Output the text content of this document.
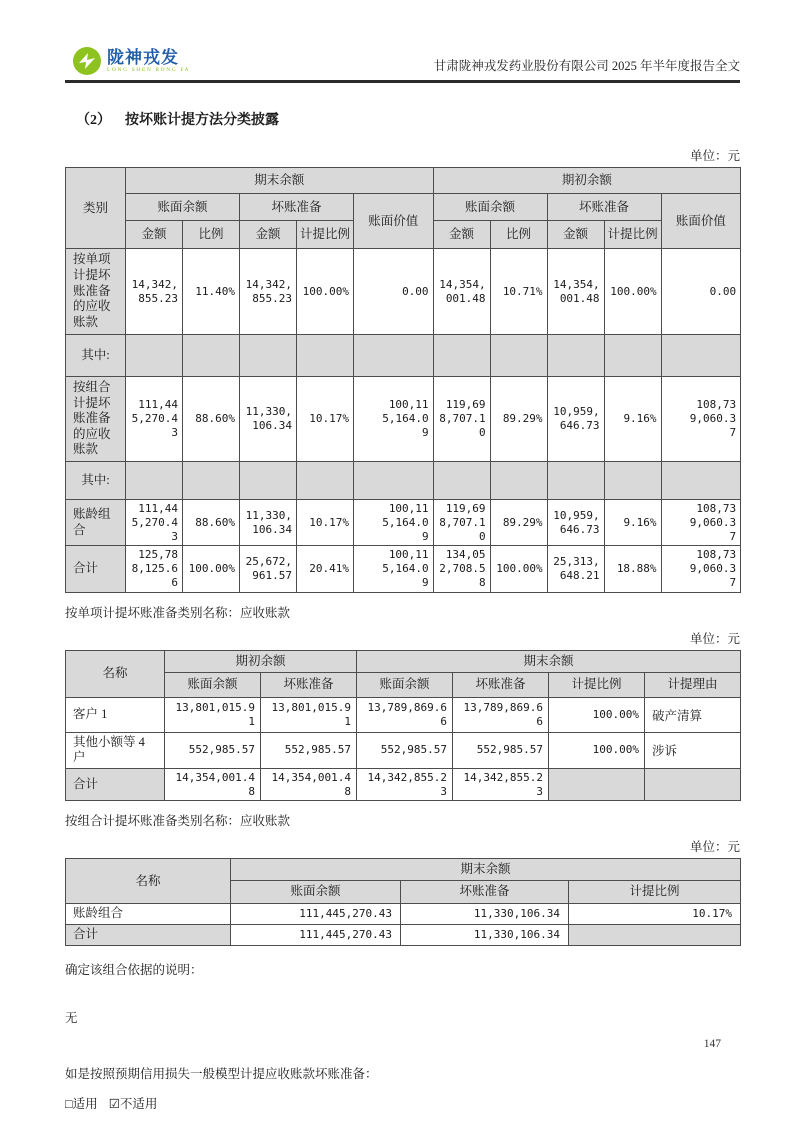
陇神戎发
LONG SHEN RONG FA	甘肃陇神戎发药业股份有限公司 2025 年半年度报告全文
（2） 按坏账计提方法分类披露
单位：元
类别	期末余额					期初余额				
	账面余额		坏账准备		账面价值	账面余额		坏账准备		账面价值
	金额	比例	金额	计提比例		金额	比例	金额	计提比例	
按单项计提坏账准备的应收账款	14,342,855.23	11.40%	14,342,855.23	100.00%	0.00	14,354,001.48	10.71%	14,354,001.48	100.00%	0.00
其中:										
按组合计提坏账准备的应收账款	111,445,270.43	88.60%	11,330,106.34	10.17%	100,115,164.09	119,698,707.10	89.29%	10,959,646.73	9.16%	108,739,060.37
其中:										
账龄组合	111,445,270.43	88.60%	11,330,106.34	10.17%	100,115,164.09	119,698,707.10	89.29%	10,959,646.73	9.16%	108,739,060.37
合计	125,788,125.66	100.00%	25,672,961.57	20.41%	100,115,164.09	134,052,708.58	100.00%	25,313,648.21	18.88%	108,739,060.37
按单项计提坏账准备类别名称：应收账款
单位：元
名称	期初余额		期末余额			
	账面余额	坏账准备	账面余额	坏账准备	计提比例	计提理由
客户 1	13,801,015.91	13,801,015.91	13,789,869.66	13,789,869.66	100.00%	破产清算
其他小额等 4 户	552,985.57	552,985.57	552,985.57	552,985.57	100.00%	涉诉
合计	14,354,001.48	14,354,001.48	14,342,855.23	14,342,855.23		
按组合计提坏账准备类别名称：应收账款
单位：元
名称	期末余额		
	账面余额	坏账准备	计提比例
账龄组合	111,445,270.43	11,330,106.34	10.17%
合计	111,445,270.43	11,330,106.34	
确定该组合依据的说明：
无
如是按照预期信用损失一般模型计提应收账款坏账准备：
□适用 ☑不适用
147
